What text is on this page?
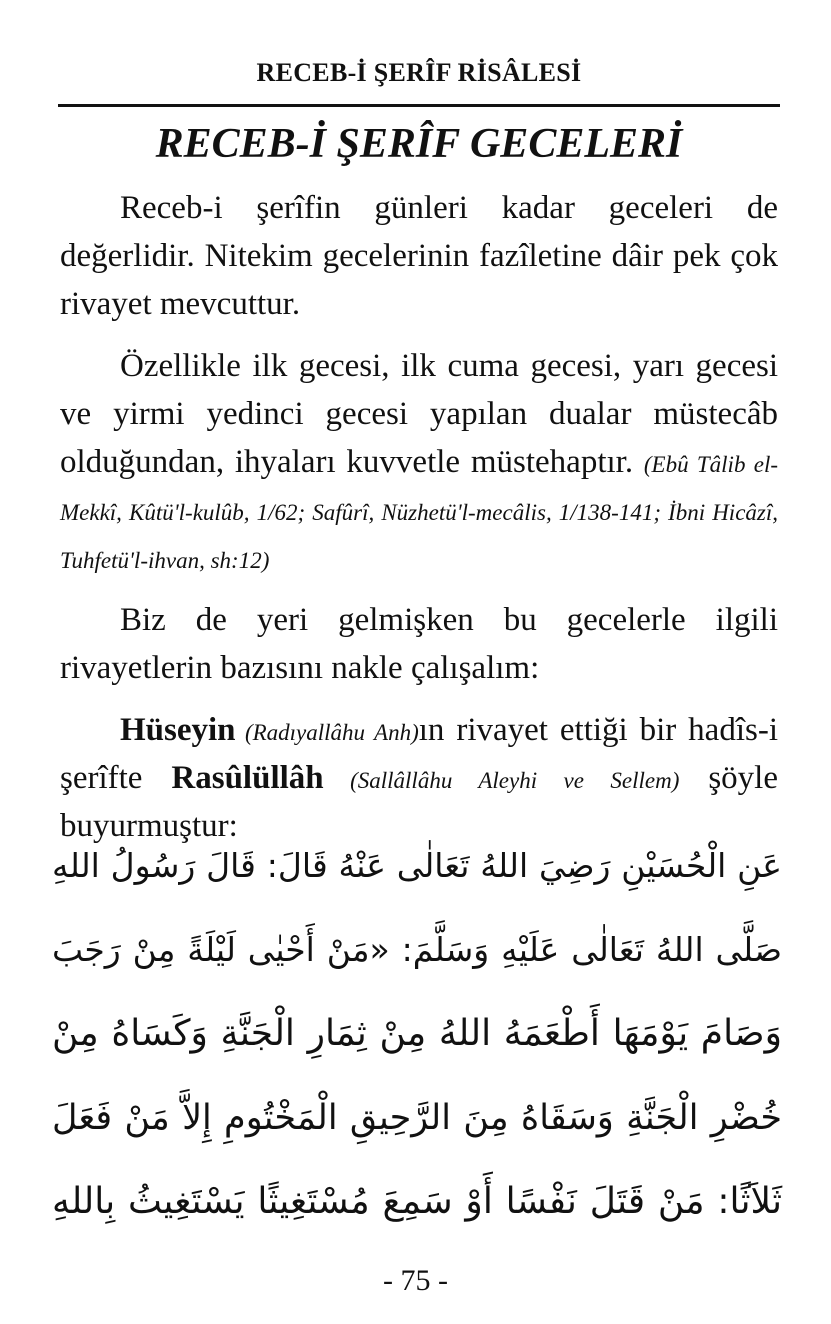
RECEB-İ ŞERÎF RİSÂLESİ
RECEB-İ ŞERÎF GECELERİ

Receb-i şerîfin günleri kadar geceleri de değerlidir. Nitekim gecelerinin fazîletine dâir pek çok rivayet mevcuttur.

Özellikle ilk gecesi, ilk cuma gecesi, yarı gecesi ve yirmi yedinci gecesi yapılan dualar müstecâb olduğundan, ihyaları kuvvetle müstehaptır. (Ebû Tâlib el-Mekkî, Kûtü'l-kulûb, 1/62; Safûrî, Nüzhetü'l-mecâlis, 1/138-141; İbni Hicâzî, Tuhfetü'l-ihvan, sh:12)

Biz de yeri gelmişken bu gecelerle ilgili rivayetlerin bazısını nakle çalışalım:

Hüseyin (Radıyallâhu Anh)ın rivayet ettiği bir hadîs-i şerîfte Rasûlüllâh (Sallâllâhu Aleyhi ve Sellem) şöyle buyurmuştur:

عَنِ الْحُسَيْنِ رَضِيَ اللهُ تَعَالٰى عَنْهُ قَالَ: قَالَ رَسُولُ اللهِ
صَلَّى اللهُ تَعَالٰى عَلَيْهِ وَسَلَّمَ: «مَنْ أَحْيٰى لَيْلَةً مِنْ رَجَبَ
وَصَامَ يَوْمَهَا أَطْعَمَهُ اللهُ مِنْ ثِمَارِ الْجَنَّةِ وَكَسَاهُ مِنْ
خُضْرِ الْجَنَّةِ وَسَقَاهُ مِنَ الرَّحِيقِ الْمَخْتُومِ إِلاَّ مَنْ فَعَلَ
ثَلاَثًا: مَنْ قَتَلَ نَفْسًا أَوْ سَمِعَ مُسْتَغِيثًا يَسْتَغِيثُ بِاللهِ
- 75 -
